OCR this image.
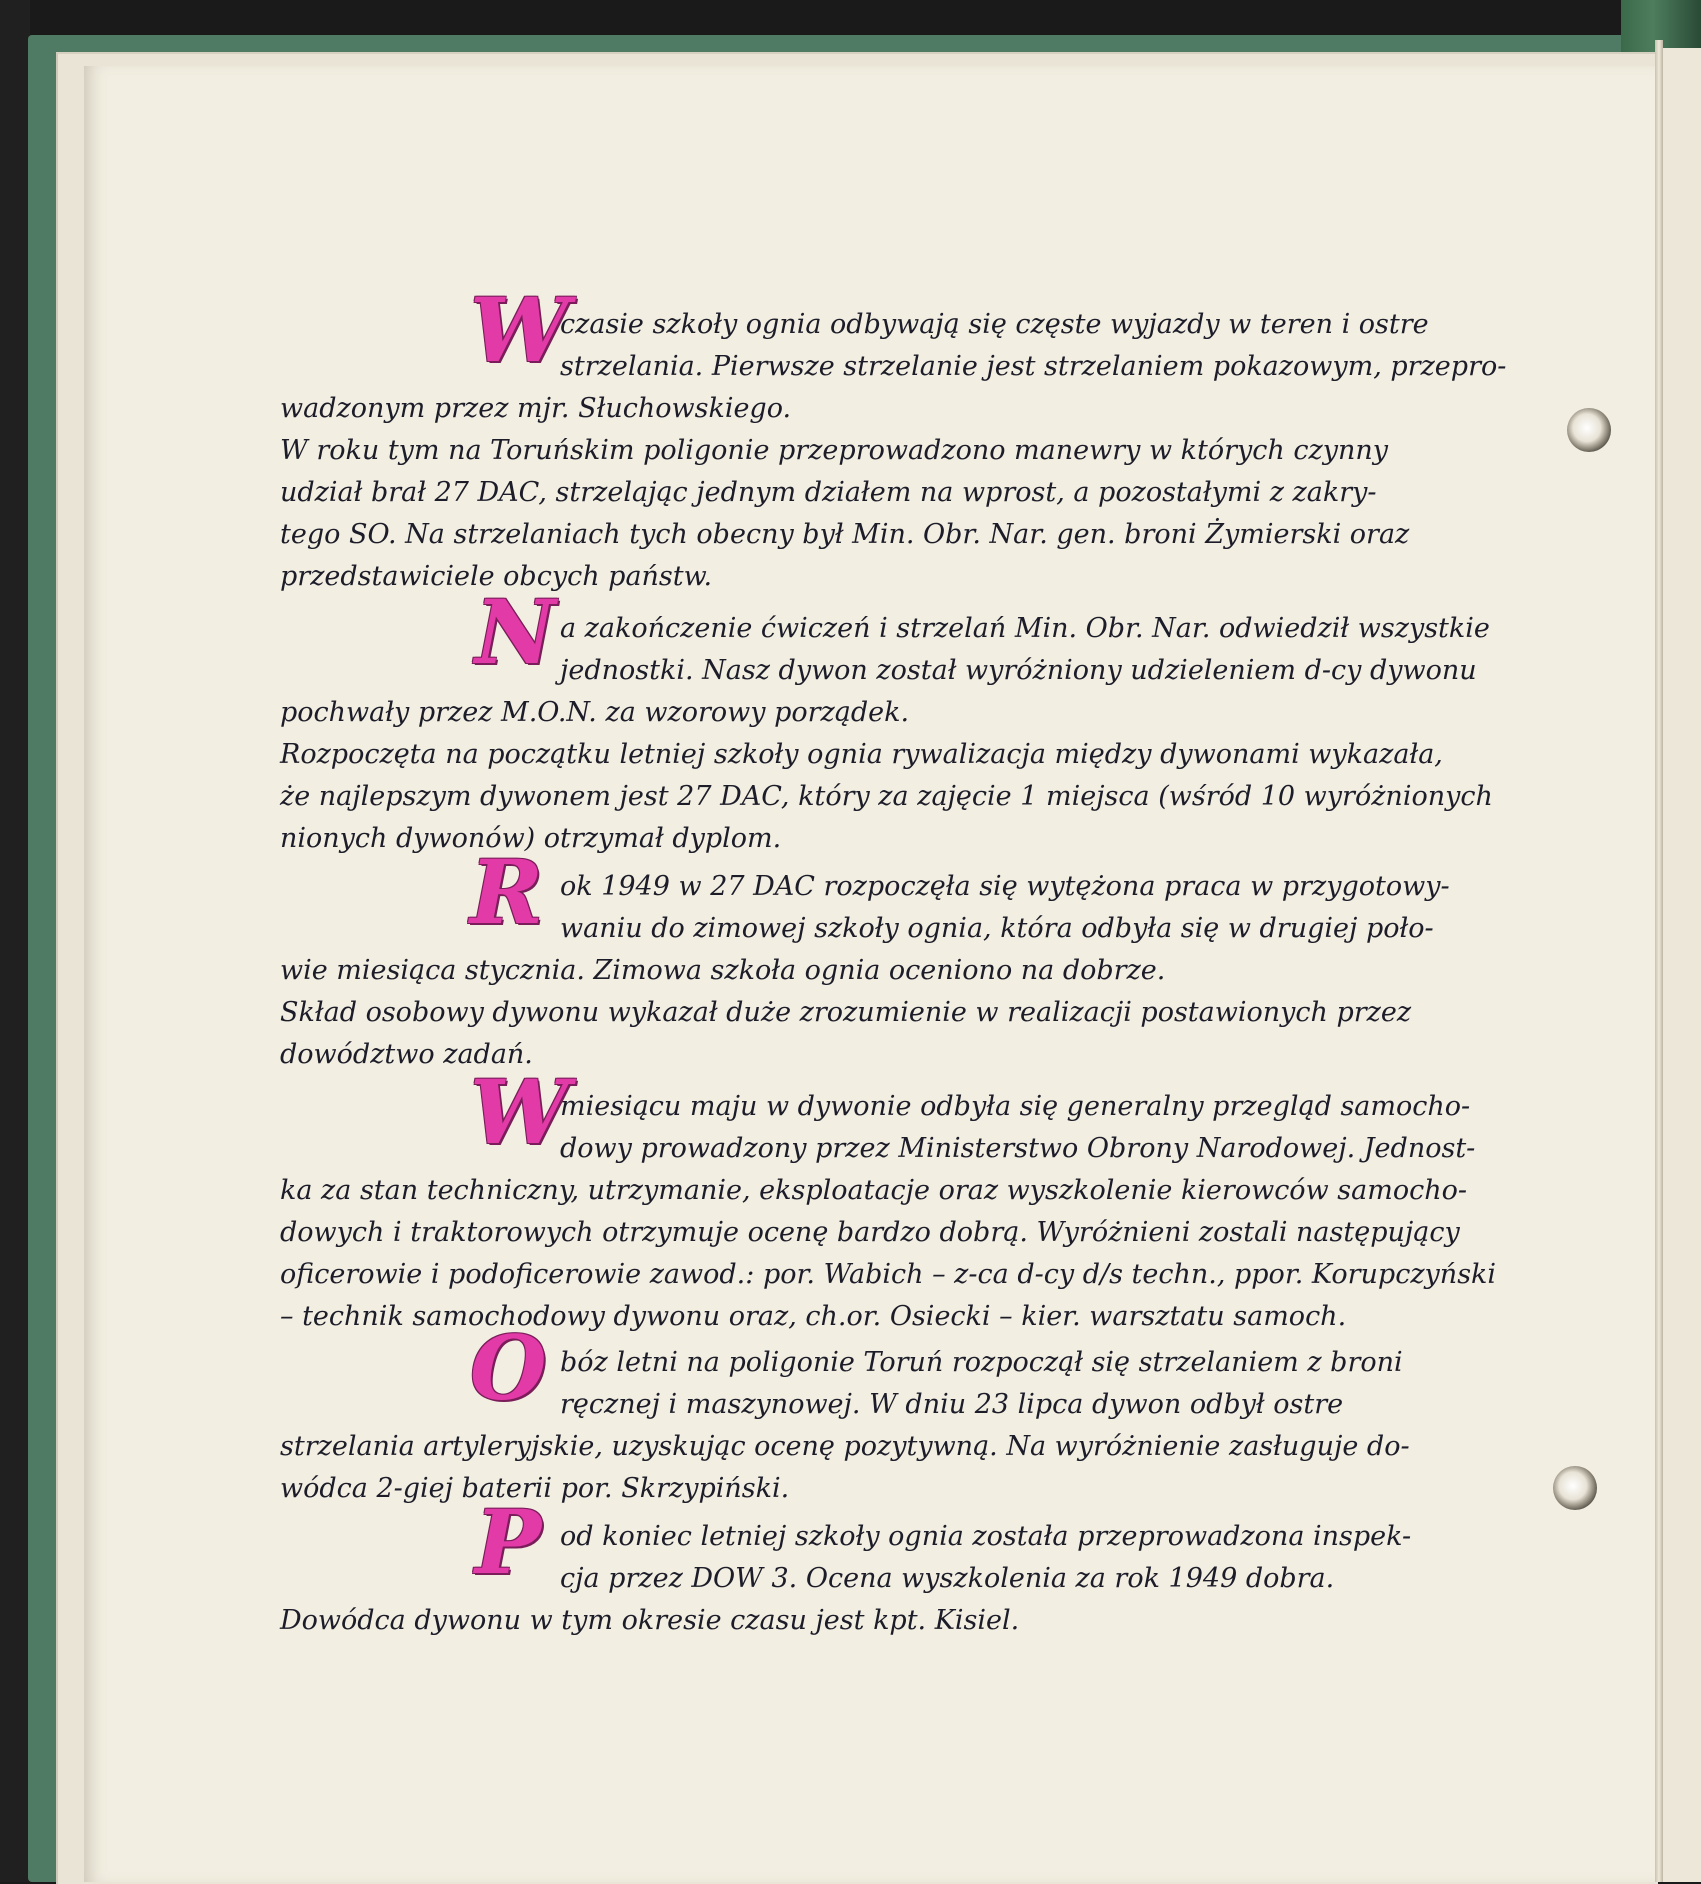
W
czasie szkoły ognia odbywają się częste wyjazdy w teren i ostre
strzelania. Pierwsze strzelanie jest strzelaniem pokazowym, przepro-
wadzonym przez mjr. Słuchowskiego.
W roku tym na Toruńskim poligonie przeprowadzono manewry w których czynny
udział brał 27 DAC, strzelając jednym działem na wprost, a pozostałymi z zakry-
tego SO. Na strzelaniach tych obecny był Min. Obr. Nar. gen. broni Żymierski oraz
przedstawiciele obcych państw.
N a zakończenie ćwiczeń i strzelań Min. Obr. Nar. odwiedził wszystkie
jednostki. Nasz dywon został wyróżniony udzieleniem d-cy dywonu
pochwały przez M.O.N. za wzorowy porządek.
Rozpoczęta na początku letniej szkoły ognia rywalizacja między dywonami wykazała,
że najlepszym dywonem jest 27 DAC, który za zajęcie 1 miejsca (wśród 10 wyróżnionych
nionych dywonów) otrzymał dyplom.
R ok 1949 w 27 DAC rozpoczęła się wytężona praca w przygotowy-
waniu do zimowej szkoły ognia, która odbyła się w drugiej poło-
wie miesiąca stycznia. Zimowa szkoła ognia oceniono na dobrze.
Skład osobowy dywonu wykazał duże zrozumienie w realizacji postawionych przez
dowództwo zadań.
W
miesiącu maju w dywonie odbyła się generalny przegląd samocho-
dowy prowadzony przez Ministerstwo Obrony Narodowej. Jednost-
ka za stan techniczny, utrzymanie, eksploatacje oraz wyszkolenie kierowców samocho-
dowych i traktorowych otrzymuje ocenę bardzo dobrą. Wyróżnieni zostali następujący
oficerowie i podoficerowie zawod.: por. Wabich – z-ca d-cy d/s techn., ppor. Korupczyński
– technik samochodowy dywonu oraz, ch.or. Osiecki – kier. warsztatu samoch.
O bóz letni na poligonie Toruń rozpoczął się strzelaniem z broni
ręcznej i maszynowej. W dniu 23 lipca dywon odbył ostre
strzelania artyleryjskie, uzyskując ocenę pozytywną. Na wyróżnienie zasługuje do-
wódca 2-giej baterii por. Skrzypiński.
P od koniec letniej szkoły ognia została przeprowadzona inspek-
cja przez DOW 3. Ocena wyszkolenia za rok 1949 dobra.
Dowódca dywonu w tym okresie czasu jest kpt. Kisiel.
